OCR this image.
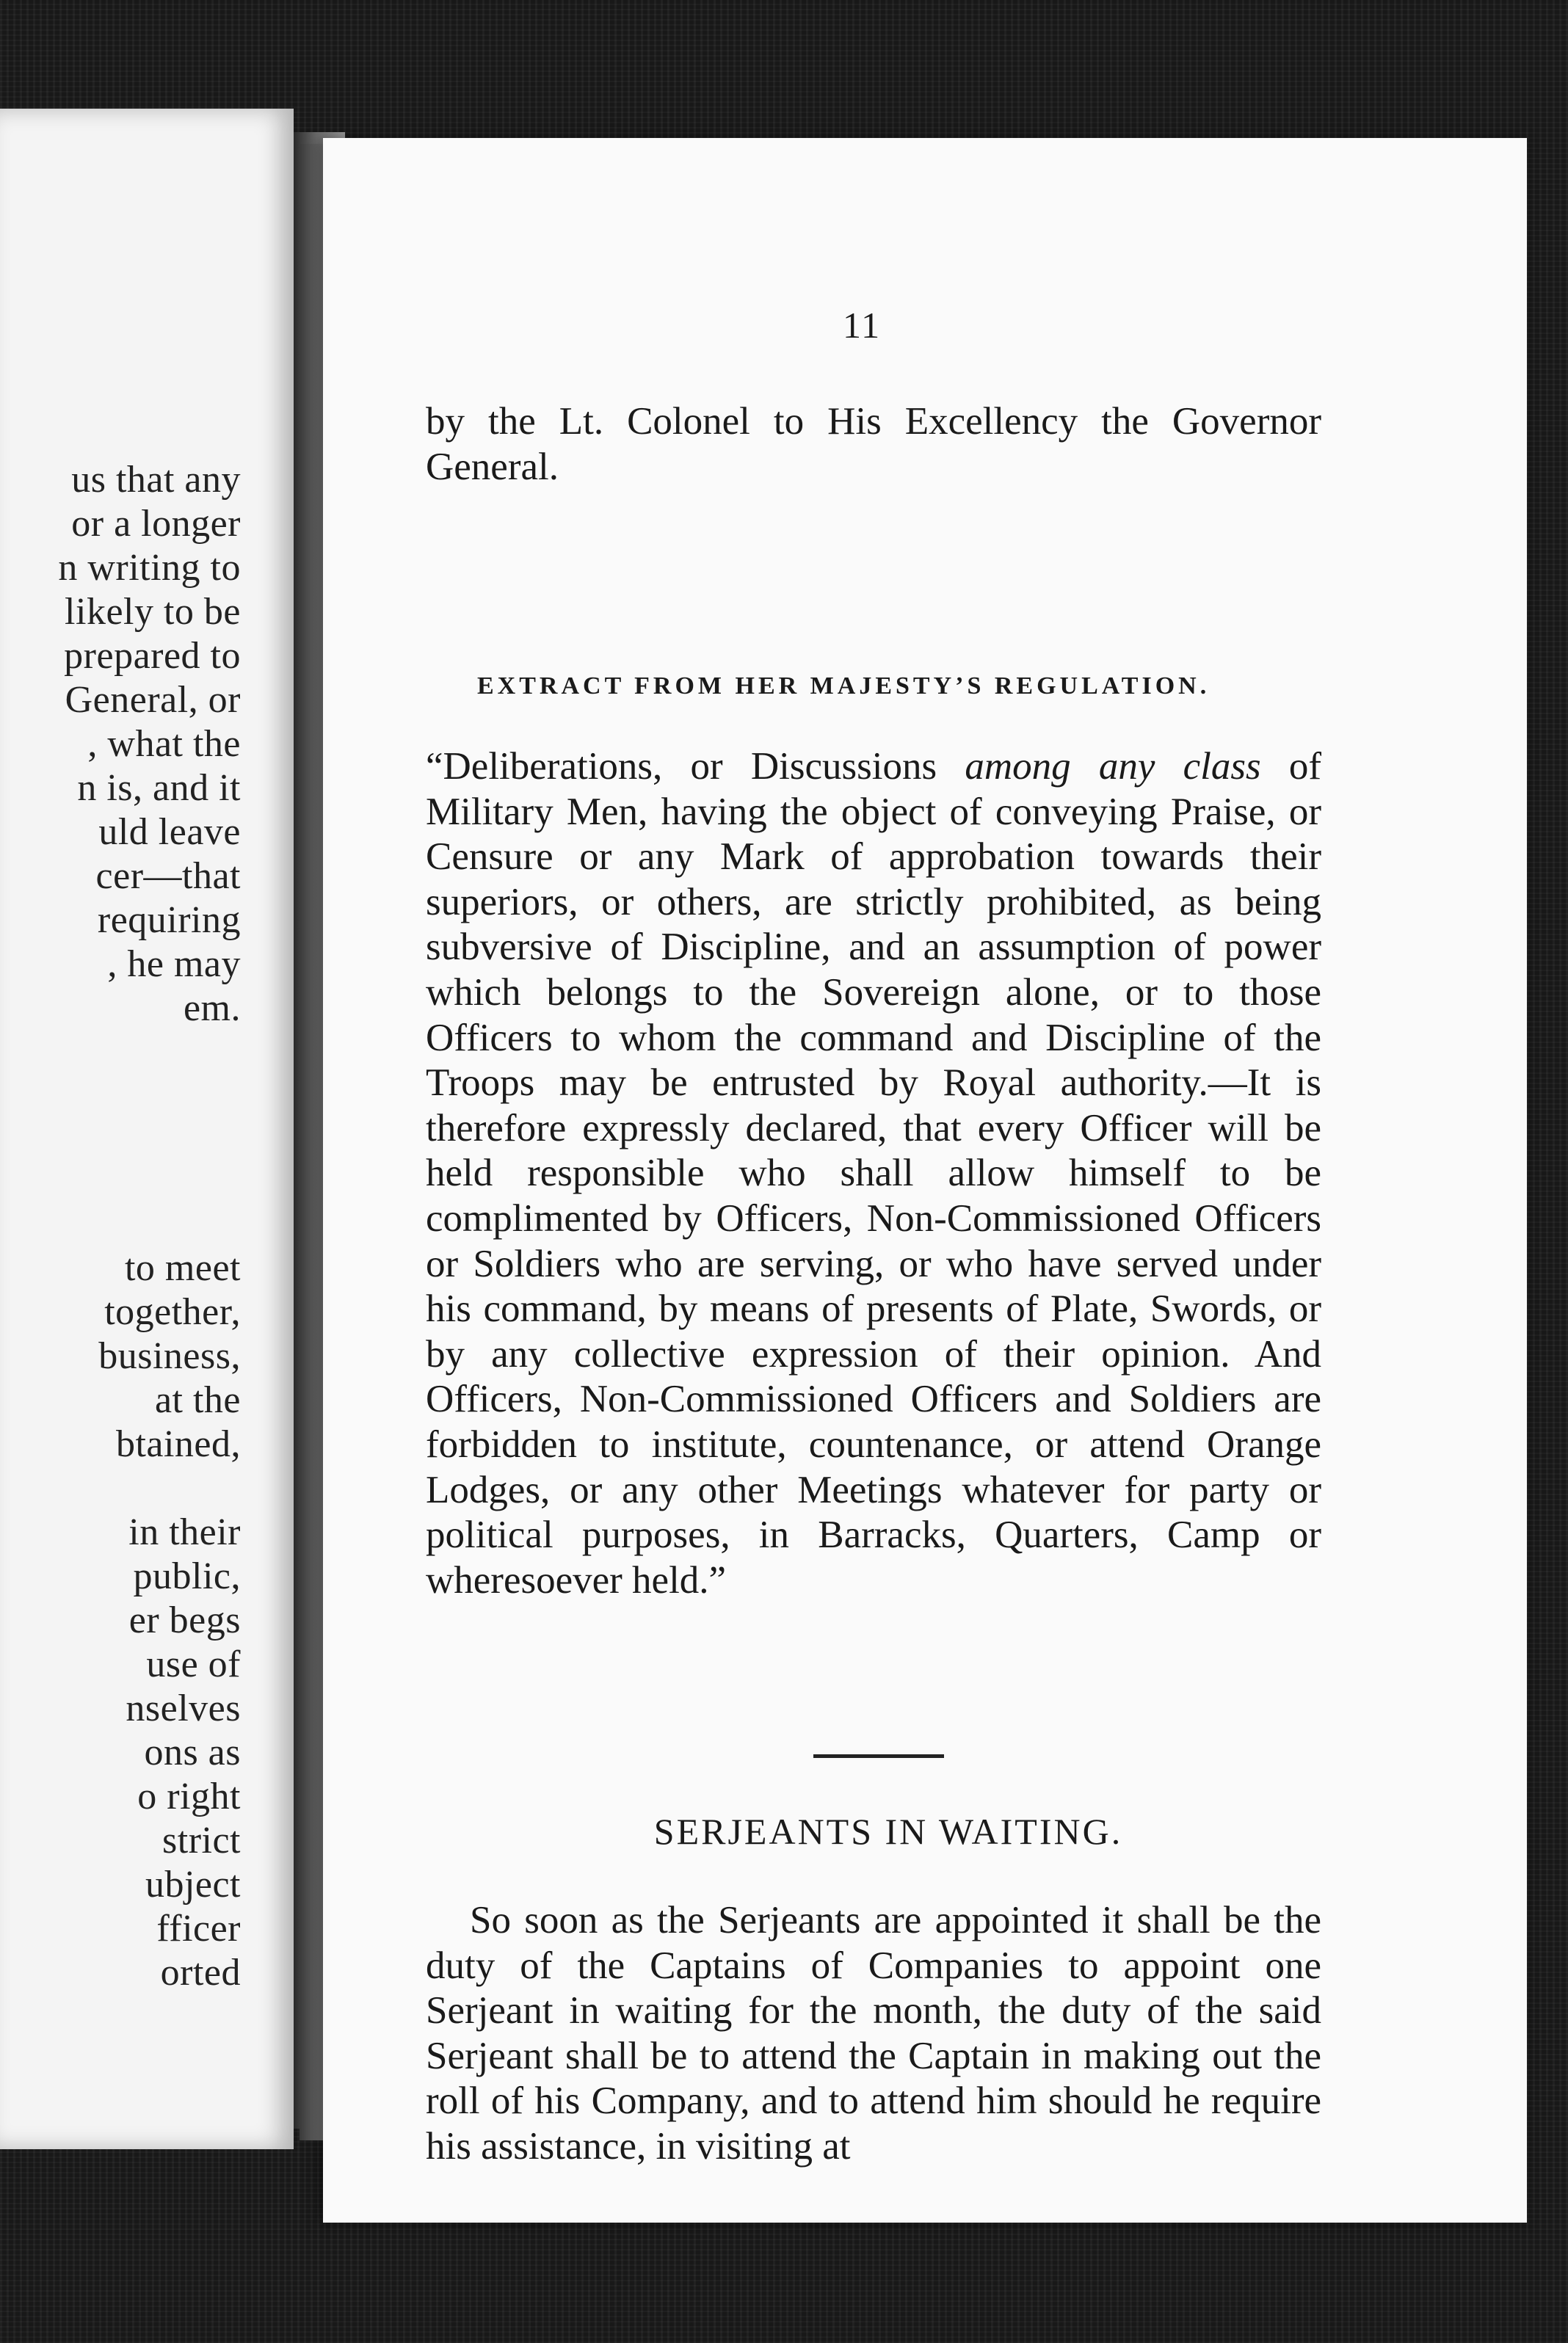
us that any
or a longer
n writing to
likely to be
prepared to
General, or
, what the
n is, and it
uld leave
cer—that
requiring
, he may
em.
to meet
together,
business,
at the
btained,
in their
public,
er begs
use of
nselves
ons as
o right
strict
ubject
fficer
orted
11
by the Lt. Colonel to His Excellency the Governor General.
EXTRACT FROM HER MAJESTY’S REGULATION.
“Deliberations, or Discussions among any class of Military Men, having the object of conveying Praise, or Censure or any Mark of approbation towards their superiors, or others, are strictly prohibited, as being subversive of Discipline, and an assumption of power which belongs to the Sovereign alone, or to those Officers to whom the command and Discipline of the Troops may be entrusted by Royal authority.—It is therefore expressly declared, that every Officer will be held responsible who shall allow himself to be complimented by Officers, Non-Commissioned Officers or Soldiers who are serving, or who have served under his command, by means of presents of Plate, Swords, or by any collective expression of their opinion. And Officers, Non-Commissioned Officers and Soldiers are forbidden to institute, countenance, or attend Orange Lodges, or any other Meetings whatever for party or political purposes, in Barracks, Quarters, Camp or wheresoever held.”
SERJEANTS IN WAITING.
So soon as the Serjeants are appointed it shall be the duty of the Captains of Companies to appoint one Serjeant in waiting for the month, the duty of the said Serjeant shall be to attend the Captain in making out the roll of his Company, and to attend him should he require his assistance, in visiting at
